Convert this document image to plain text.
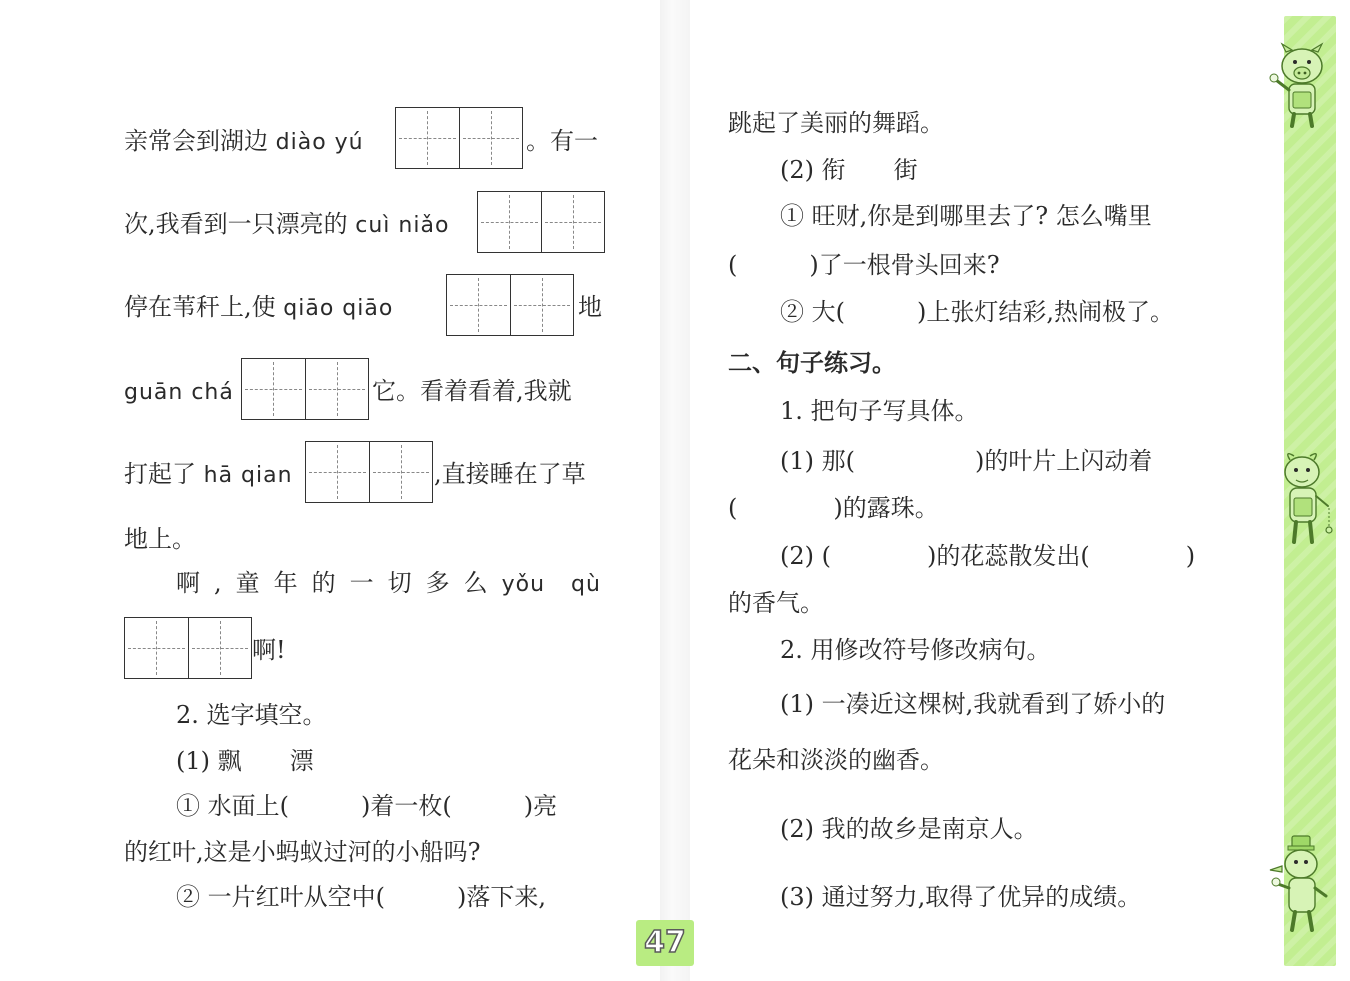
亲常会到湖边 diào yú	。有一
次,我看到一只漂亮的 cuì niǎo
停在苇秆上,使 qiāo qiāo	地
guān chá	它。看着看着,我就
打起了 hā qian	,直接睡在了草
地上。
啊,童年的一切多么yǒu qù
啊!
2. 选字填空。
(1) 飘　　漂
① 水面上(　　　)着一枚(　　　)亮
的红叶,这是小蚂蚁过河的小船吗?
② 一片红叶从空中(　　　)落下来,
跳起了美丽的舞蹈。
(2) 衔　　街
① 旺财,你是到哪里去了? 怎么嘴里
(　　　)了一根骨头回来?
② 大(　　　)上张灯结彩,热闹极了。
二、句子练习。
1. 把句子写具体。
(1) 那(　　　　　)的叶片上闪动着
(　　　　)的露珠。
(2) (　　　　)的花蕊散发出(　　　　)
的香气。
2. 用修改符号修改病句。
(1) 一凑近这棵树,我就看到了娇小的
花朵和淡淡的幽香。
(2) 我的故乡是南京人。
(3) 通过努力,取得了优异的成绩。
47
